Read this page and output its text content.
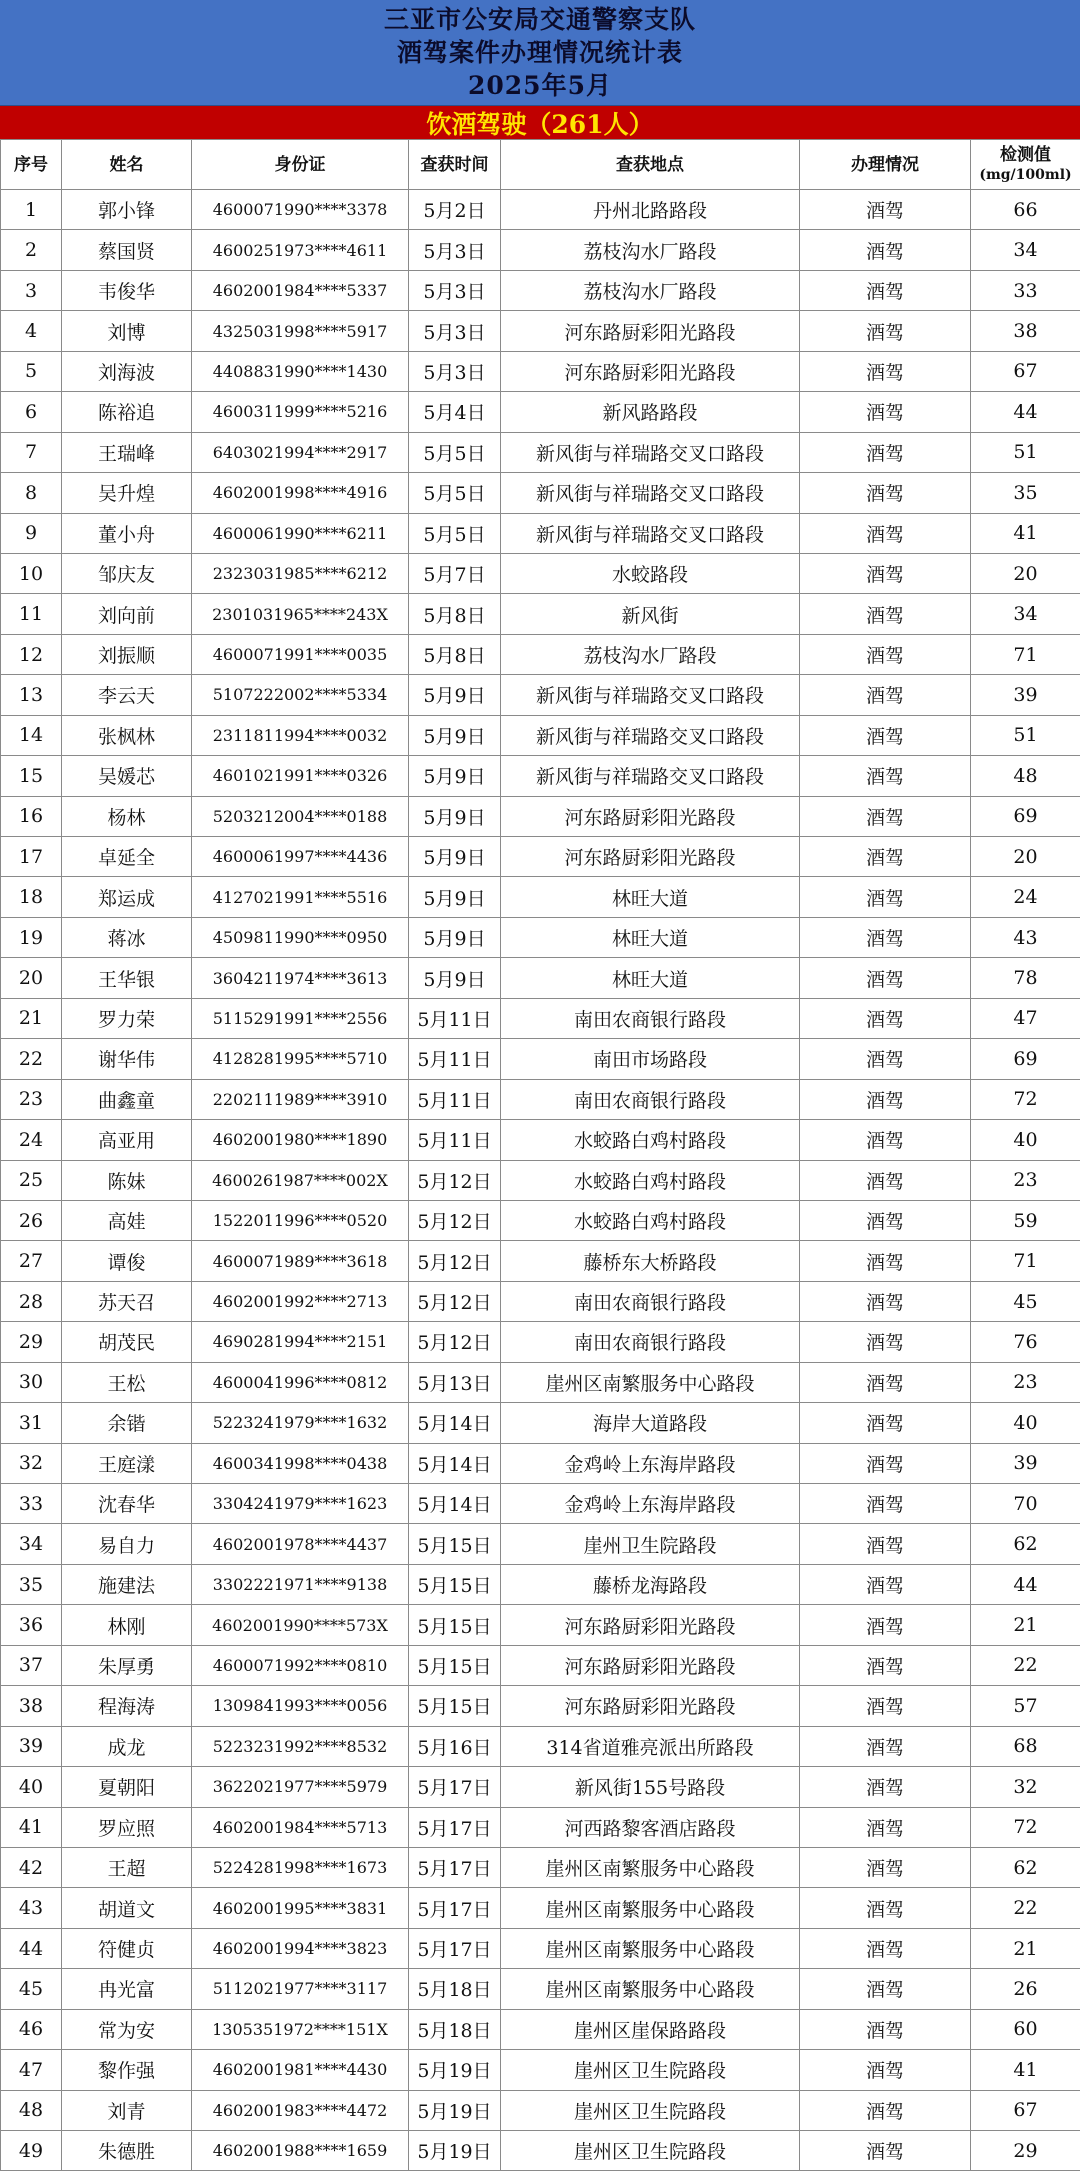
三亚市公安局交通警察支队
酒驾案件办理情况统计表
2025年5月
饮酒驾驶（261人）
序号	姓名	身份证	查获时间	查获地点	办理情况	检测值
(mg/100ml)

1	郭小锋	4600071990****3378	5月2日	丹州北路路段	酒驾	66
2	蔡国贤	4600251973****4611	5月3日	荔枝沟水厂路段	酒驾	34
3	韦俊华	4602001984****5337	5月3日	荔枝沟水厂路段	酒驾	33
4	刘博	4325031998****5917	5月3日	河东路厨彩阳光路段	酒驾	38
5	刘海波	4408831990****1430	5月3日	河东路厨彩阳光路段	酒驾	67
6	陈裕追	4600311999****5216	5月4日	新风路路段	酒驾	44
7	王瑞峰	6403021994****2917	5月5日	新风街与祥瑞路交叉口路段	酒驾	51
8	吴升煌	4602001998****4916	5月5日	新风街与祥瑞路交叉口路段	酒驾	35
9	董小舟	4600061990****6211	5月5日	新风街与祥瑞路交叉口路段	酒驾	41
10	邹庆友	2323031985****6212	5月7日	水蛟路段	酒驾	20
11	刘向前	2301031965****243X	5月8日	新风街	酒驾	34
12	刘振顺	4600071991****0035	5月8日	荔枝沟水厂路段	酒驾	71
13	李云天	5107222002****5334	5月9日	新风街与祥瑞路交叉口路段	酒驾	39
14	张枫林	2311811994****0032	5月9日	新风街与祥瑞路交叉口路段	酒驾	51
15	吴媛芯	4601021991****0326	5月9日	新风街与祥瑞路交叉口路段	酒驾	48
16	杨林	5203212004****0188	5月9日	河东路厨彩阳光路段	酒驾	69
17	卓延全	4600061997****4436	5月9日	河东路厨彩阳光路段	酒驾	20
18	郑运成	4127021991****5516	5月9日	林旺大道	酒驾	24
19	蒋冰	4509811990****0950	5月9日	林旺大道	酒驾	43
20	王华银	3604211974****3613	5月9日	林旺大道	酒驾	78
21	罗力荣	5115291991****2556	5月11日	南田农商银行路段	酒驾	47
22	谢华伟	4128281995****5710	5月11日	南田市场路段	酒驾	69
23	曲鑫童	2202111989****3910	5月11日	南田农商银行路段	酒驾	72
24	高亚用	4602001980****1890	5月11日	水蛟路白鸡村路段	酒驾	40
25	陈妹	4600261987****002X	5月12日	水蛟路白鸡村路段	酒驾	23
26	高娃	1522011996****0520	5月12日	水蛟路白鸡村路段	酒驾	59
27	谭俊	4600071989****3618	5月12日	藤桥东大桥路段	酒驾	71
28	苏天召	4602001992****2713	5月12日	南田农商银行路段	酒驾	45
29	胡茂民	4690281994****2151	5月12日	南田农商银行路段	酒驾	76
30	王松	4600041996****0812	5月13日	崖州区南繁服务中心路段	酒驾	23
31	余锴	5223241979****1632	5月14日	海岸大道路段	酒驾	40
32	王庭漾	4600341998****0438	5月14日	金鸡岭上东海岸路段	酒驾	39
33	沈春华	3304241979****1623	5月14日	金鸡岭上东海岸路段	酒驾	70
34	易自力	4602001978****4437	5月15日	崖州卫生院路段	酒驾	62
35	施建法	3302221971****9138	5月15日	藤桥龙海路段	酒驾	44
36	林刚	4602001990****573X	5月15日	河东路厨彩阳光路段	酒驾	21
37	朱厚勇	4600071992****0810	5月15日	河东路厨彩阳光路段	酒驾	22
38	程海涛	1309841993****0056	5月15日	河东路厨彩阳光路段	酒驾	57
39	成龙	5223231992****8532	5月16日	314省道雅亮派出所路段	酒驾	68
40	夏朝阳	3622021977****5979	5月17日	新风街155号路段	酒驾	32
41	罗应照	4602001984****5713	5月17日	河西路黎客酒店路段	酒驾	72
42	王超	5224281998****1673	5月17日	崖州区南繁服务中心路段	酒驾	62
43	胡道文	4602001995****3831	5月17日	崖州区南繁服务中心路段	酒驾	22
44	符健贞	4602001994****3823	5月17日	崖州区南繁服务中心路段	酒驾	21
45	冉光富	5112021977****3117	5月18日	崖州区南繁服务中心路段	酒驾	26
46	常为安	1305351972****151X	5月18日	崖州区崖保路路段	酒驾	60
47	黎作强	4602001981****4430	5月19日	崖州区卫生院路段	酒驾	41
48	刘青	4602001983****4472	5月19日	崖州区卫生院路段	酒驾	67
49	朱德胜	4602001988****1659	5月19日	崖州区卫生院路段	酒驾	29
